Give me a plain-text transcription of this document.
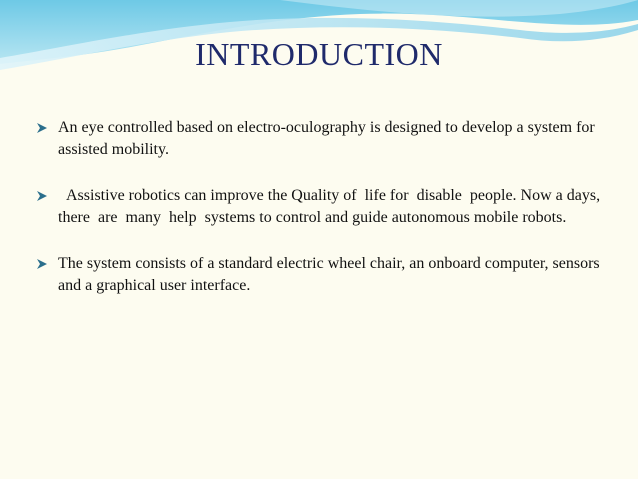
INTRODUCTION
An eye controlled based on electro-oculography is designed to develop a system for assisted mobility.
Assistive robotics can improve the Quality of  life for  disable  people. Now a days, there  are  many  help  systems to control and guide autonomous mobile robots.
The system consists of a standard electric wheel chair, an onboard computer, sensors and a graphical user interface.
